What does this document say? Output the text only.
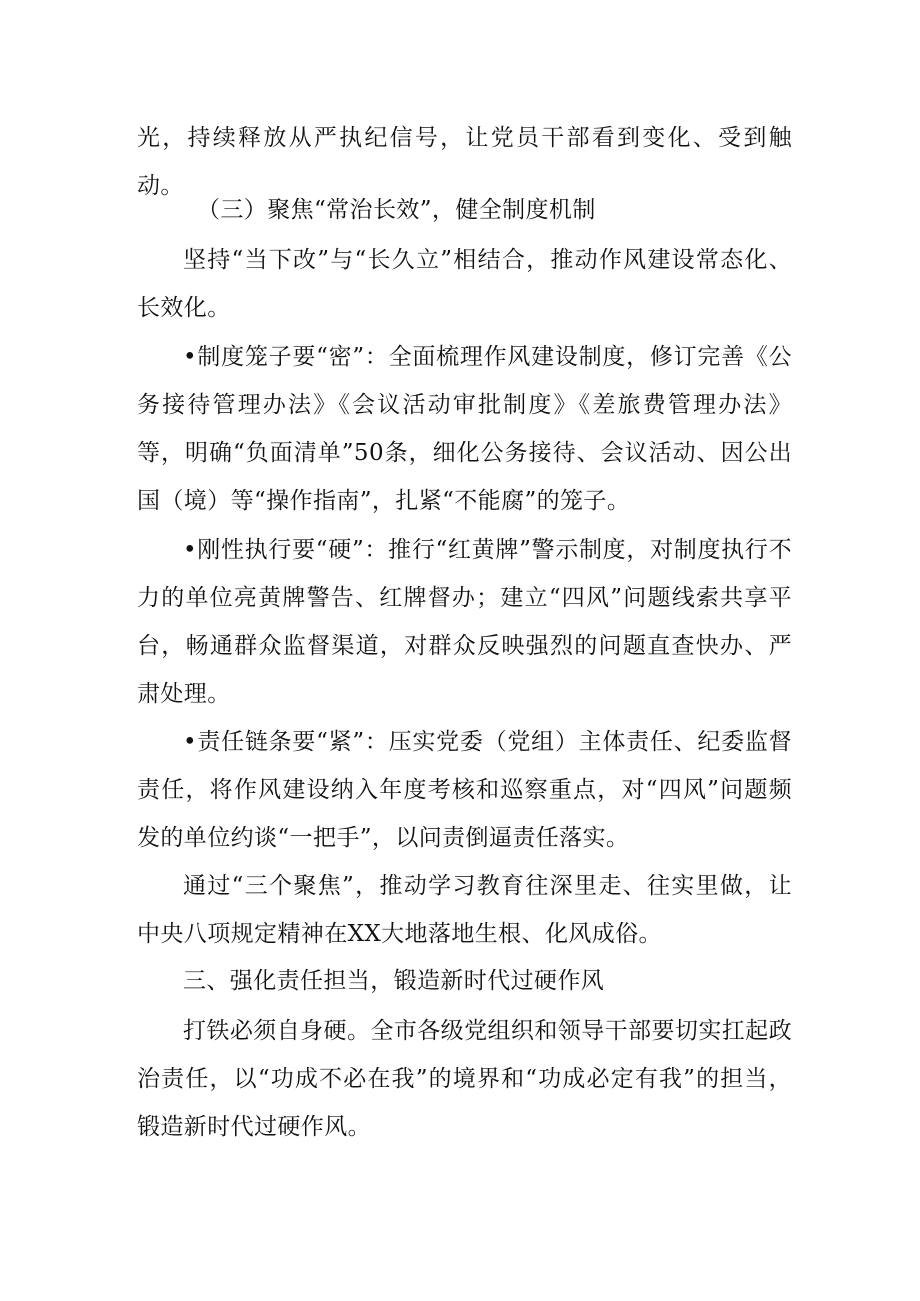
光，持续释放从严执纪信号，让党员干部看到变化、受到触动。

（三）聚焦“常治长效”，健全制度机制

坚持“当下改”与“长久立”相结合，推动作风建设常态化、长效化。

•制度笼子要“密”：全面梳理作风建设制度，修订完善《公务接待管理办法》《会议活动审批制度》《差旅费管理办法》等，明确“负面清单”50条，细化公务接待、会议活动、因公出国（境）等“操作指南”，扎紧“不能腐”的笼子。

•刚性执行要“硬”：推行“红黄牌”警示制度，对制度执行不力的单位亮黄牌警告、红牌督办；建立“四风”问题线索共享平台，畅通群众监督渠道，对群众反映强烈的问题直查快办、严肃处理。

•责任链条要“紧”：压实党委（党组）主体责任、纪委监督责任，将作风建设纳入年度考核和巡察重点，对“四风”问题频发的单位约谈“一把手”，以问责倒逼责任落实。

通过“三个聚焦”，推动学习教育往深里走、往实里做，让中央八项规定精神在XX大地落地生根、化风成俗。

三、强化责任担当，锻造新时代过硬作风

打铁必须自身硬。全市各级党组织和领导干部要切实扛起政治责任，以“功成不必在我”的境界和“功成必定有我”的担当，锻造新时代过硬作风。
